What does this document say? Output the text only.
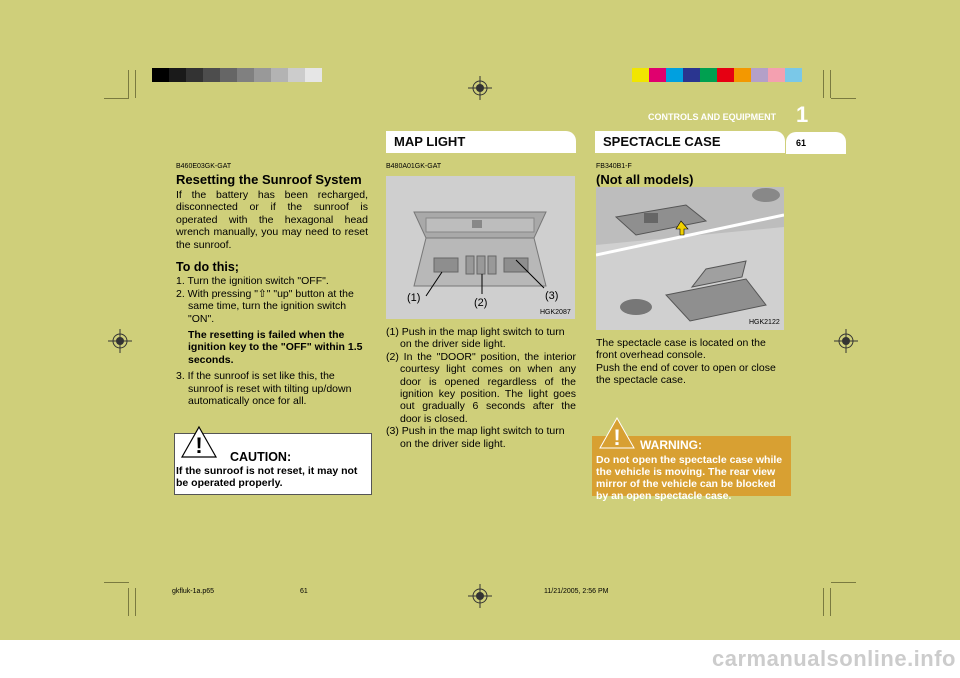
CONTROLS AND EQUIPMENT 1
61
MAP LIGHT	SPECTACLE CASE
B460E03GK-GAT
Resetting the Sunroof System

If the battery has been recharged, disconnected or if the sunroof is operated with the hexagonal head wrench manually, you may need to reset the sunroof.

To do this;

1. Turn the ignition switch "OFF".

2. With pressing "⇧" "up" button at the same time, turn the ignition switch "ON".

The resetting is failed when the ignition key to the "OFF" within 1.5 seconds.

3. If the sunroof is set like this, the sunroof is reset with tilting up/down automatically once for all.

! CAUTION:
If the sunroof is not reset, it may not be operated properly.
B480A01GK-GAT
(1)	(2)
(3)
HGK2087

(1) Push in the map light switch to turn on the driver side light.

(2) In the "DOOR" position, the interior courtesy light comes on when any door is opened regardless of the ignition key position. The light goes out gradually 6 seconds after the door is closed.

(3) Push in the map light switch to turn on the driver side light.

FB340B1-F
(Not all models)
HGK2122

The spectacle case is located on the front overhead console.

Push the end of cover to open or close the spectacle case.

! WARNING:
Do not open the spectacle case while the vehicle is moving. The rear view mirror of the vehicle can be blocked by an open spectacle case.
gkfluk-1a.p65	61	11/21/2005, 2:56 PM
carmanualsonline.info
